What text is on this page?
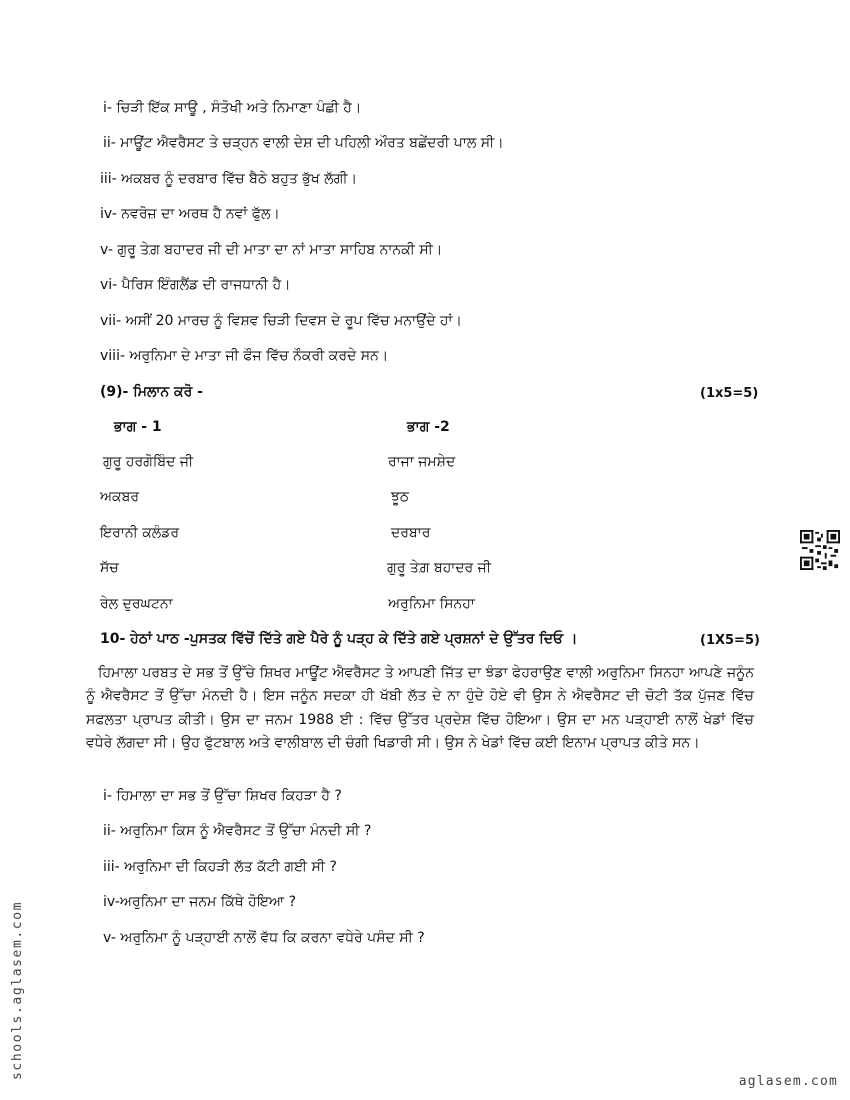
i- ਚਿੜੀ ਇੱਕ ਸਾਊ , ਸੰਤੋਖੀ ਅਤੇ ਨਿਮਾਣਾ ਪੰਛੀ ਹੈ।
ii- ਮਾਊਂਟ ਐਵਰੈਸਟ ਤੇ ਚੜ੍ਹਨ ਵਾਲੀ ਦੇਸ਼ ਦੀ ਪਹਿਲੀ ਔਰਤ ਬਛੇਂਦਰੀ ਪਾਲ ਸੀ।
iii- ਅਕਬਰ ਨੂੰ ਦਰਬਾਰ ਵਿੱਚ ਬੈਠੇ ਬਹੁਤ ਭੁੱਖ ਲੱਗੀ।
iv- ਨਵਰੋਜ਼ ਦਾ ਅਰਥ ਹੈ ਨਵਾਂ ਫੁੱਲ।
v- ਗੁਰੂ ਤੇਗ਼ ਬਹਾਦਰ ਜੀ ਦੀ ਮਾਤਾ ਦਾ ਨਾਂ ਮਾਤਾ ਸਾਹਿਬ ਨਾਨਕੀ ਸੀ।
vi- ਪੈਰਿਸ ਇੰਗਲੈਂਡ ਦੀ ਰਾਜਧਾਨੀ ਹੈ।
vii- ਅਸੀਂ 20 ਮਾਰਚ ਨੂੰ ਵਿਸ਼ਵ ਚਿੜੀ ਦਿਵਸ ਦੇ ਰੂਪ ਵਿੱਚ ਮਨਾਉਂਦੇ ਹਾਂ।
viii- ਅਰੁਨਿਮਾ ਦੇ ਮਾਤਾ ਜੀ ਫੌਜ ਵਿੱਚ ਨੌਕਰੀ ਕਰਦੇ ਸਨ।
(9)- ਮਿਲਾਨ ਕਰੋ -	(1x5=5)
ਭਾਗ - 1	ਭਾਗ -2
ਗੁਰੂ ਹਰਗੋਬਿੰਦ ਜੀ	ਰਾਜਾ ਜਮਸ਼ੇਦ
ਅਕਬਰ	ਝੂਠ
ਇਰਾਨੀ ਕਲੰਡਰ	ਦਰਬਾਰ
ਸੱਚ	ਗੁਰੂ ਤੇਗ਼ ਬਹਾਦਰ ਜੀ
ਰੇਲ ਦੁਰਘਟਨਾ	ਅਰੁਨਿਮਾ ਸਿਨਹਾ
10- ਹੇਠਾਂ ਪਾਠ -ਪੁਸਤਕ ਵਿੱਚੋਂ ਦਿੱਤੇ ਗਏ ਪੈਰੇ ਨੂੰ ਪੜ੍ਹ ਕੇ ਦਿੱਤੇ ਗਏ ਪ੍ਰਸ਼ਨਾਂ ਦੇ ਉੱਤਰ ਦਿਓ ।	(1X5=5)

ਹਿਮਾਲਾ ਪਰਬਤ ਦੇ ਸਭ ਤੋਂ ਉੱਚੇ ਸ਼ਿਖਰ ਮਾਊਂਟ ਐਵਰੈਸਟ ਤੇ ਆਪਣੀ ਜਿੱਤ ਦਾ ਝੰਡਾ ਫੇਹਰਾਉਣ ਵਾਲੀ ਅਰੁਨਿਮਾ ਸਿਨਹਾ ਆਪਣੇ ਜਨੂੰਨ ਨੂੰ ਐਵਰੈਸਟ ਤੋਂ ਉੱਚਾ ਮੰਨਦੀ ਹੈ। ਇਸ ਜਨੂੰਨ ਸਦਕਾ ਹੀ ਖੱਬੀ ਲੱਤ ਦੇ ਨਾ ਹੁੰਦੇ ਹੋਏ ਵੀ ਉਸ ਨੇ ਐਵਰੈਸਟ ਦੀ ਚੋਟੀ ਤੱਕ ਪੁੱਜਣ ਵਿੱਚ ਸਫਲਤਾ ਪ੍ਰਾਪਤ ਕੀਤੀ। ਉਸ ਦਾ ਜਨਮ 1988 ਈ : ਵਿੱਚ ਉੱਤਰ ਪ੍ਰਦੇਸ਼ ਵਿੱਚ ਹੋਇਆ। ਉਸ ਦਾ ਮਨ ਪੜ੍ਹਾਈ ਨਾਲੋਂ ਖੇਡਾਂ ਵਿੱਚ ਵਧੇਰੇ ਲੱਗਦਾ ਸੀ। ਉਹ ਫੁੱਟਬਾਲ ਅਤੇ ਵਾਲੀਬਾਲ ਦੀ ਚੰਗੀ ਖਿਡਾਰੀ ਸੀ। ਉਸ ਨੇ ਖੇਡਾਂ ਵਿੱਚ ਕਈ ਇਨਾਮ ਪ੍ਰਾਪਤ ਕੀਤੇ ਸਨ।

i- ਹਿਮਾਲਾ ਦਾ ਸਭ ਤੋਂ ਉੱਚਾ ਸ਼ਿਖਰ ਕਿਹੜਾ ਹੈ ?
ii- ਅਰੁਨਿਮਾ ਕਿਸ ਨੂੰ ਐਵਰੈਸਟ ਤੋਂ ਉੱਚਾ ਮੰਨਦੀ ਸੀ ?
iii- ਅਰੁਨਿਮਾ ਦੀ ਕਿਹੜੀ ਲੱਤ ਕੱਟੀ ਗਈ ਸੀ ?
iv-ਅਰੁਨਿਮਾ ਦਾ ਜਨਮ ਕਿੱਥੇ ਹੋਇਆ ?
v- ਅਰੁਨਿਮਾ ਨੂੰ ਪੜ੍ਹਾਈ ਨਾਲੋਂ ਵੱਧ ਕਿ ਕਰਨਾ ਵਧੇਰੇ ਪਸੰਦ ਸੀ ?
schools.aglasem.com
aglasem.com
